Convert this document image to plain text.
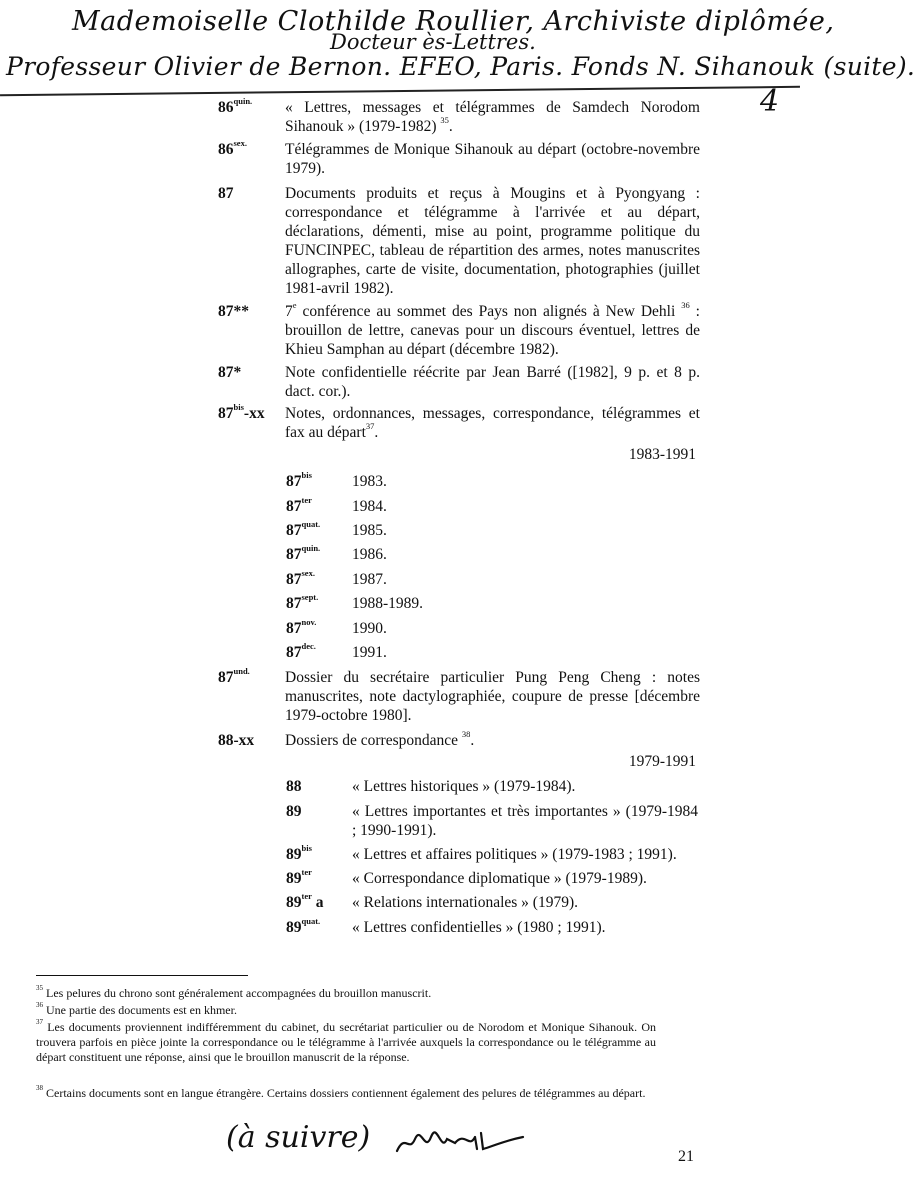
Mademoiselle Clothilde Roullier, Archiviste diplômée,
Docteur ès-Lettres.
Professeur Olivier de Bernon. EFEO, Paris. Fonds N. Sihanouk (suite).
4
$86^{quin.}$ « Lettres, messages et télégrammes de Samdech Norodom Sihanouk » (1979-1982) $^{35}$.
$86^{sex.}$ Télégrammes de Monique Sihanouk au départ (octobre-novembre 1979).
87	Documents produits et reçus à Mougins et à Pyongyang : correspondance et télégramme à l'arrivée et au départ, déclarations, démenti, mise au point, programme politique du FUNCINPEC, tableau de répartition des armes, notes manuscrites allographes, carte de visite, documentation, photographies (juillet 1981-avril 1982).
87** 7e conférence au sommet des Pays non alignés à New Dehli $^{36}$ : brouillon de lettre, canevas pour un discours éventuel, lettres de Khieu Samphan au départ (décembre 1982).
87*	Note confidentielle réécrite par Jean Barré ([1982], 9 p. et 8 p. dact. cor.).
$87^{bis}-xx$ Notes, ordonnances, messages, correspondance, télégrammes et fax au départ$^{37}$.
1983-1991
$87^{bis}$	1983.
$87^{ter}$	1984.
$87^{quat.}$ 1985.
$87^{quin.}$ 1986.
$87^{sex.}$ 1987.
$87^{sept.}$ 1988-1989.
$87^{nov.}$ 1990.
$87^{dec.}$ 1991.
$87^{und.}$ Dossier du secrétaire particulier Pung Peng Cheng : notes manuscrites, note dactylographiée, coupure de presse [décembre 1979-octobre 1980].
88-xx Dossiers de correspondance $^{38}$.
1979-1991
88	« Lettres historiques » (1979-1984).
89	« Lettres importantes et très importantes » (1979-1984 ; 1990-1991).
$89^{bis}$	« Lettres et affaires politiques » (1979-1983 ; 1991).
$89^{ter}$	« Correspondance diplomatique » (1979-1989).
$89^{ter}$ a « Relations internationales » (1979).
$89^{quat.}$ « Lettres confidentielles » (1980 ; 1991).
$^{35}$ Les pelures du chrono sont généralement accompagnées du brouillon manuscrit.
$^{36}$ Une partie des documents est en khmer.
$^{37}$ Les documents proviennent indifféremment du cabinet, du secrétariat particulier ou de Norodom et Monique Sihanouk. On trouvera parfois en pièce jointe la correspondance ou le télégramme à l'arrivée auxquels la correspondance ou le télégramme au départ constituent une réponse, ainsi que le brouillon manuscrit de la réponse.
$^{38}$ Certains documents sont en langue étrangère. Certains dossiers contiennent également des pelures de télégrammes au départ.
(à suivre)
21
